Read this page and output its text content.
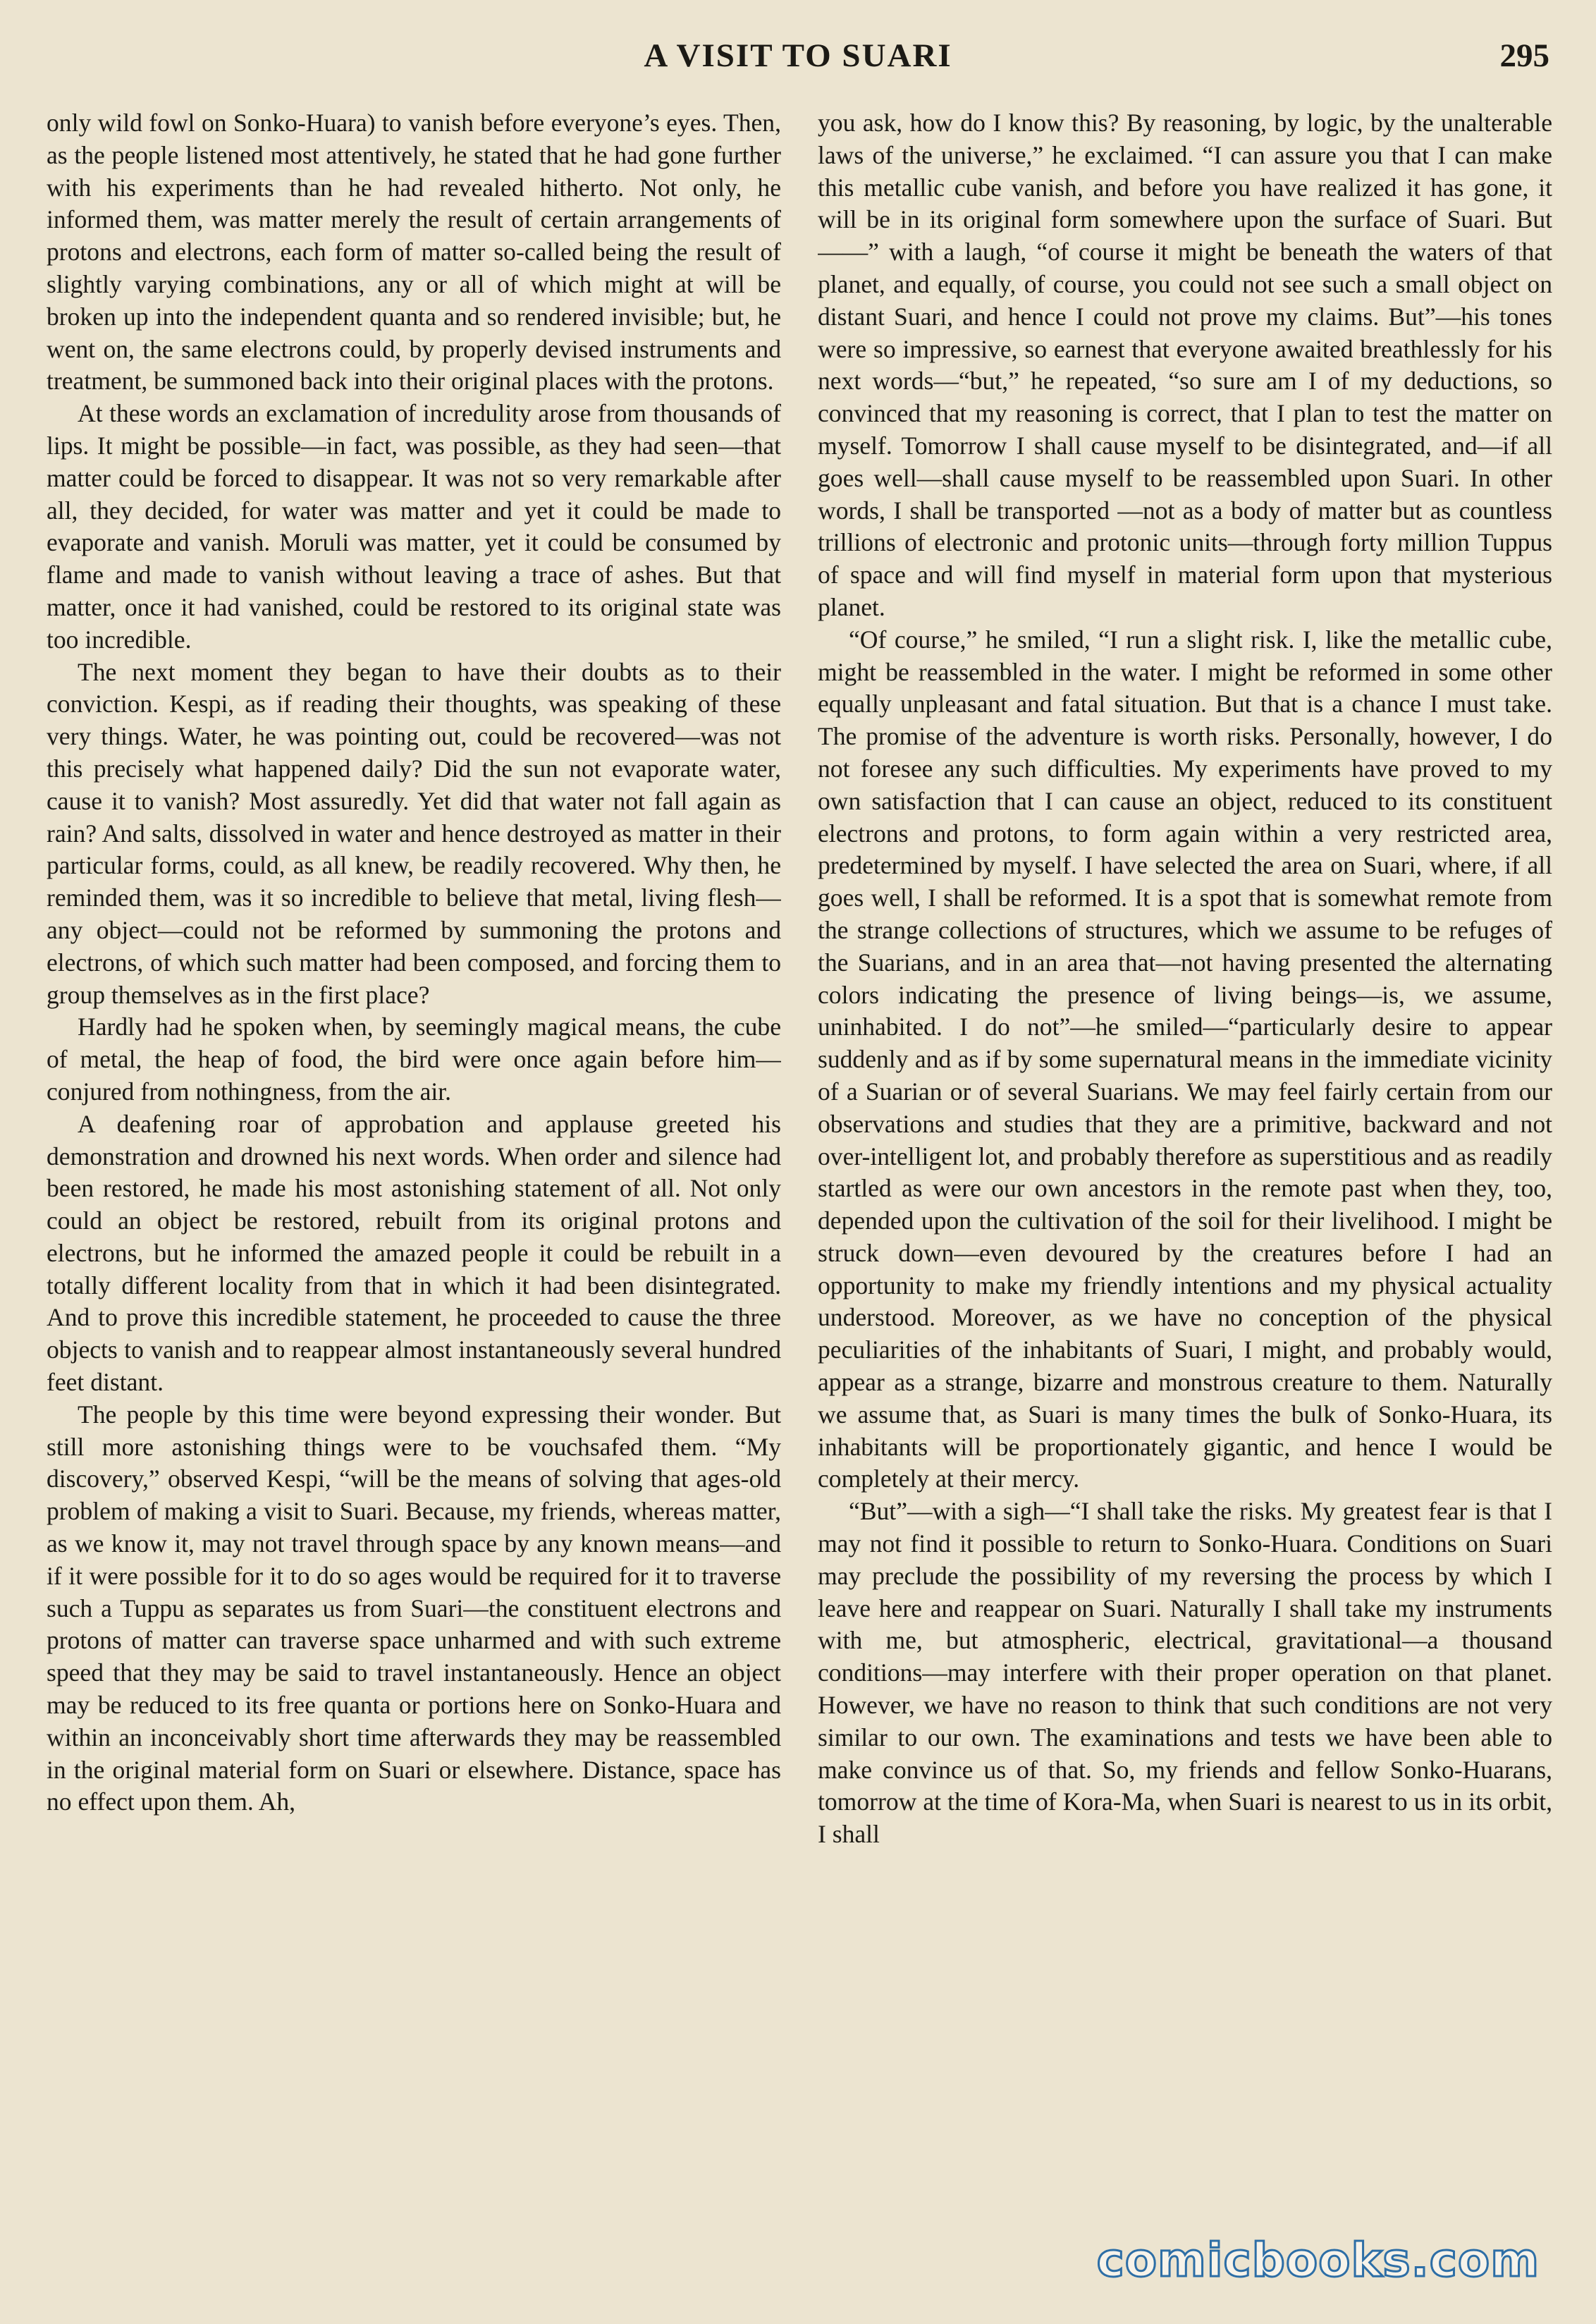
A VISIT TO SUARI	295

only wild fowl on Sonko-Huara) to vanish before everyone’s eyes. Then, as the people listened most attentively, he stated that he had gone further with his experiments than he had revealed hitherto. Not only, he informed them, was matter merely the result of certain arrangements of protons and electrons, each form of matter so-called being the result of slightly varying combinations, any or all of which might at will be broken up into the independent quanta and so rendered invisible; but, he went on, the same electrons could, by properly devised instruments and treatment, be summoned back into their original places with the protons.

At these words an exclamation of incredulity arose from thousands of lips. It might be possible—in fact, was possible, as they had seen—that matter could be forced to disappear. It was not so very remarkable after all, they decided, for water was matter and yet it could be made to evaporate and vanish. Moruli was matter, yet it could be consumed by flame and made to vanish without leaving a trace of ashes. But that matter, once it had vanished, could be restored to its original state was too incredible.

The next moment they began to have their doubts as to their conviction. Kespi, as if reading their thoughts, was speaking of these very things. Water, he was pointing out, could be recovered—was not this precisely what happened daily? Did the sun not evaporate water, cause it to vanish? Most assuredly. Yet did that water not fall again as rain? And salts, dissolved in water and hence destroyed as matter in their particular forms, could, as all knew, be readily recovered. Why then, he reminded them, was it so incredible to believe that metal, living flesh—any object—could not be reformed by summoning the protons and electrons, of which such matter had been composed, and forcing them to group themselves as in the first place?

Hardly had he spoken when, by seemingly magical means, the cube of metal, the heap of food, the bird were once again before him—conjured from nothingness, from the air.

A deafening roar of approbation and applause greeted his demonstration and drowned his next words. When order and silence had been restored, he made his most astonishing statement of all. Not only could an object be restored, rebuilt from its original protons and electrons, but he informed the amazed people it could be rebuilt in a totally different locality from that in which it had been disintegrated. And to prove this incredible statement, he proceeded to cause the three objects to vanish and to reappear almost instantaneously several hundred feet distant.

The people by this time were beyond expressing their wonder. But still more astonishing things were to be vouchsafed them. “My discovery,” observed Kespi, “will be the means of solving that ages-old problem of making a visit to Suari. Because, my friends, whereas matter, as we know it, may not travel through space by any known means—and if it were possible for it to do so ages would be required for it to traverse such a Tuppu as separates us from Suari—the constituent electrons and protons of matter can traverse space unharmed and with such extreme speed that they may be said to travel instantaneously. Hence an object may be reduced to its free quanta or portions here on Sonko-Huara and within an inconceivably short time afterwards they may be reassembled in the original material form on Suari or elsewhere. Distance, space has no effect upon them. Ah,

you ask, how do I know this? By reasoning, by logic, by the unalterable laws of the universe,” he exclaimed. “I can assure you that I can make this metallic cube vanish, and before you have realized it has gone, it will be in its original form somewhere upon the surface of Suari. But——” with a laugh, “of course it might be beneath the waters of that planet, and equally, of course, you could not see such a small object on distant Suari, and hence I could not prove my claims. But”—his tones were so impressive, so earnest that everyone awaited breathlessly for his next words—“but,” he repeated, “so sure am I of my deductions, so convinced that my reasoning is correct, that I plan to test the matter on myself. Tomorrow I shall cause myself to be disintegrated, and—if all goes well—shall cause myself to be reassembled upon Suari. In other words, I shall be transported —not as a body of matter but as countless trillions of electronic and protonic units—through forty million Tuppus of space and will find myself in material form upon that mysterious planet.

“Of course,” he smiled, “I run a slight risk. I, like the metallic cube, might be reassembled in the water. I might be reformed in some other equally unpleasant and fatal situation. But that is a chance I must take. The promise of the adventure is worth risks. Personally, however, I do not foresee any such difficulties. My experiments have proved to my own satisfaction that I can cause an object, reduced to its constituent electrons and protons, to form again within a very restricted area, predetermined by myself. I have selected the area on Suari, where, if all goes well, I shall be reformed. It is a spot that is somewhat remote from the strange collections of structures, which we assume to be refuges of the Suarians, and in an area that—not having presented the alternating colors indicating the presence of living beings—is, we assume, uninhabited. I do not”—he smiled—“particularly desire to appear suddenly and as if by some supernatural means in the immediate vicinity of a Suarian or of several Suarians. We may feel fairly certain from our observations and studies that they are a primitive, backward and not over-intelligent lot, and probably therefore as superstitious and as readily startled as were our own ancestors in the remote past when they, too, depended upon the cultivation of the soil for their livelihood. I might be struck down—even devoured by the creatures before I had an opportunity to make my friendly intentions and my physical actuality understood. Moreover, as we have no conception of the physical peculiarities of the inhabitants of Suari, I might, and probably would, appear as a strange, bizarre and monstrous creature to them. Naturally we assume that, as Suari is many times the bulk of Sonko-Huara, its inhabitants will be proportionately gigantic, and hence I would be completely at their mercy.

“But”—with a sigh—“I shall take the risks. My greatest fear is that I may not find it possible to return to Sonko-Huara. Conditions on Suari may preclude the possibility of my reversing the process by which I leave here and reappear on Suari. Naturally I shall take my instruments with me, but atmospheric, electrical, gravitational—a thousand conditions—may interfere with their proper operation on that planet. However, we have no reason to think that such conditions are not very similar to our own. The examinations and tests we have been able to make convince us of that. So, my friends and fellow Sonko-Huarans, tomorrow at the time of Kora-Ma, when Suari is nearest to us in its orbit, I shall

comicbooks.com
